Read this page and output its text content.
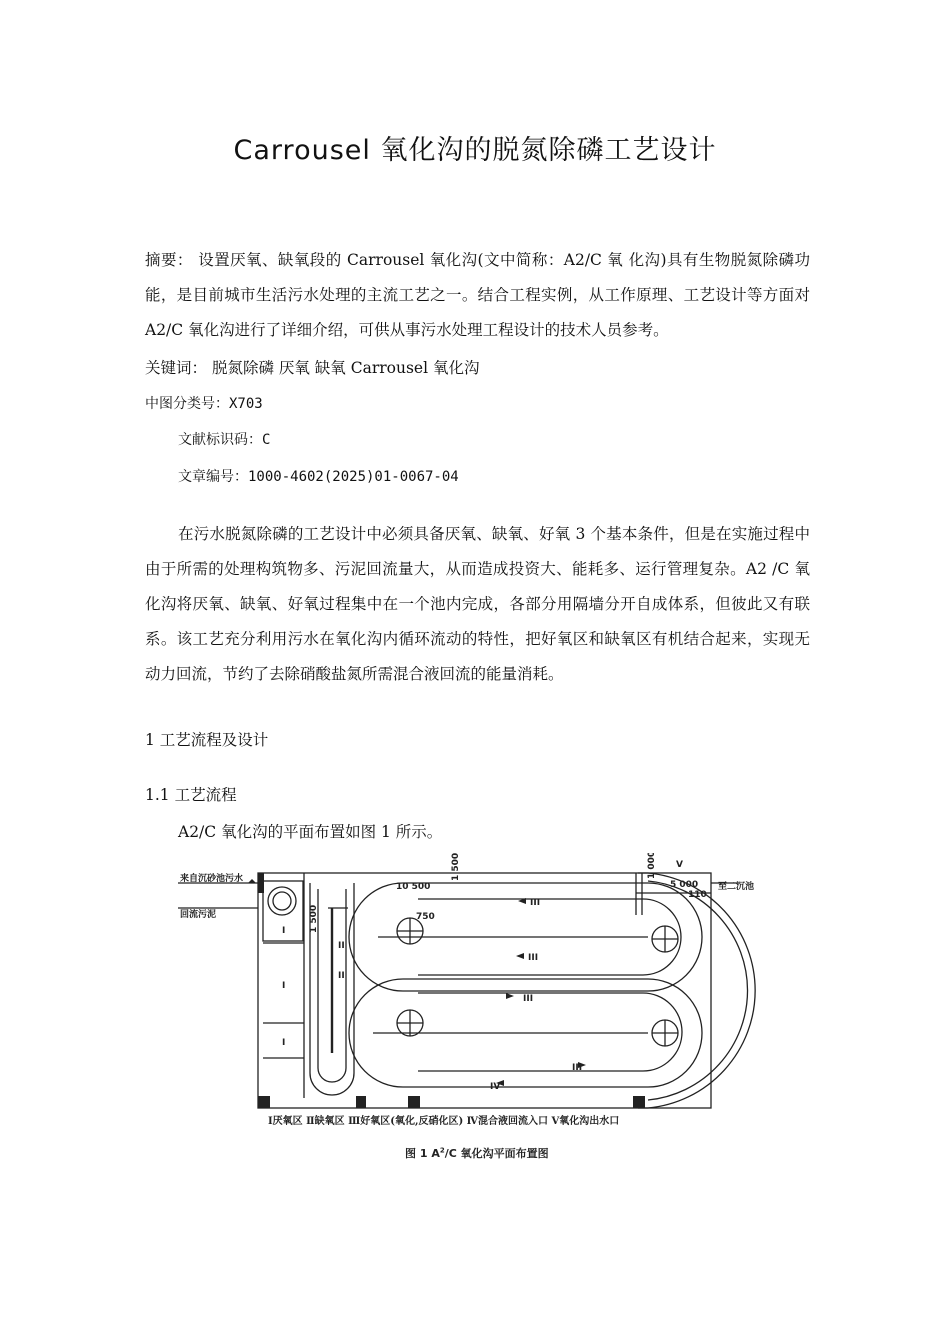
Carrousel 氧化沟的脱氮除磷工艺设计
摘要： 设置厌氧、缺氧段的 Carrousel 氧化沟(文中简称：A2/C 氧 化沟)具有生物脱氮除磷功能，是目前城市生活污水处理的主流工艺之一。结合工程实例，从工作原理、工艺设计等方面对 A2/C 氧化沟进行了详细介绍，可供从事污水处理工程设计的技术人员参考。
关键词： 脱氮除磷 厌氧 缺氧 Carrousel 氧化沟
中图分类号：X703
文献标识码：C
文章编号：1000-4602(2025)01-0067-04
在污水脱氮除磷的工艺设计中必须具备厌氧、缺氧、好氧 3 个基本条件，但是在实施过程中由于所需的处理构筑物多、污泥回流量大，从而造成投资大、能耗多、运行管理复杂。A2 /C 氧化沟将厌氧、缺氧、好氧过程集中在一个池内完成，各部分用隔墙分开自成体系，但彼此又有联系。该工艺充分利用污水在氧化沟内循环流动的特性，把好氧区和缺氧区有机结合起来，实现无动力回流，节约了去除硝酸盐氮所需混合液回流的能量消耗。
1 工艺流程及设计
1.1 工艺流程
A2/C 氧化沟的平面布置如图 1 所示。
来自沉砂池污水
回流污泥
至二沉池
10 500
1 500
1 500	1 000
5 000
110
750
I
I
I
II
II
III
III
III
III
IV
V
Ⅰ厌氧区 Ⅱ缺氧区 Ⅲ好氧区(氧化,反硝化区) Ⅳ混合液回流入口 Ⅴ氧化沟出水口
图 1 $A^2/C$ 氧化沟平面布置图
